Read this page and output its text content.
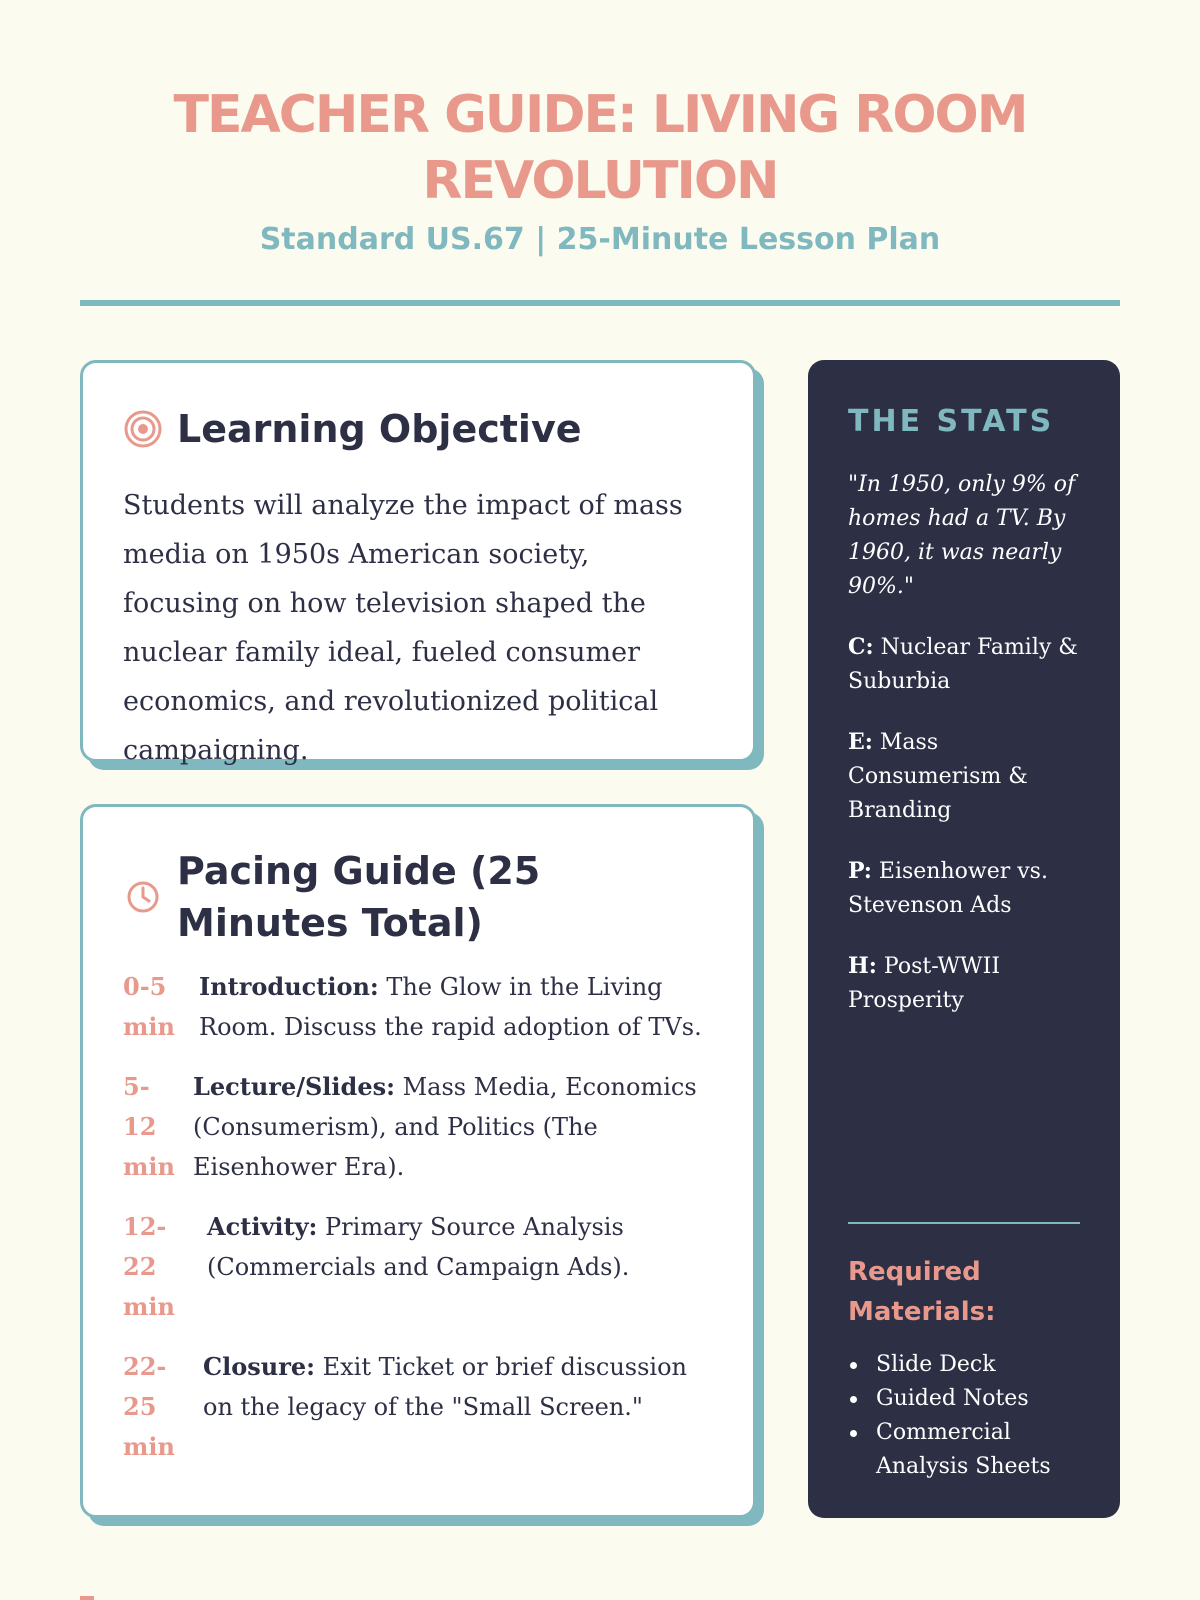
TEACHER GUIDE: LIVING ROOM REVOLUTION
Standard US.67 | 25-Minute Lesson Plan
Learning Objective

Students will analyze the impact of mass media on 1950s American society, focusing on how television shaped the nuclear family ideal, fueled consumer economics, and revolutionized political campaigning.

Pacing Guide (25 Minutes Total)
0-5 min
Introduction: The Glow in the Living Room. Discuss the rapid adoption of TVs.
5-12 min
Lecture/Slides: Mass Media, Economics (Consumerism), and Politics (The Eisenhower Era).
12-22 min
Activity: Primary Source Analysis (Commercials and Campaign Ads).
22-25 min
Closure: Exit Ticket or brief discussion on the legacy of the "Small Screen."
THE STATS

"In 1950, only 9% of homes had a TV. By 1960, it was nearly 90%."

C: Nuclear Family & Suburbia

E: Mass Consumerism & Branding

P: Eisenhower vs. Stevenson Ads

H: Post-WWII Prosperity

Required Materials:
Slide Deck
Guided Notes
Commercial Analysis Sheets
